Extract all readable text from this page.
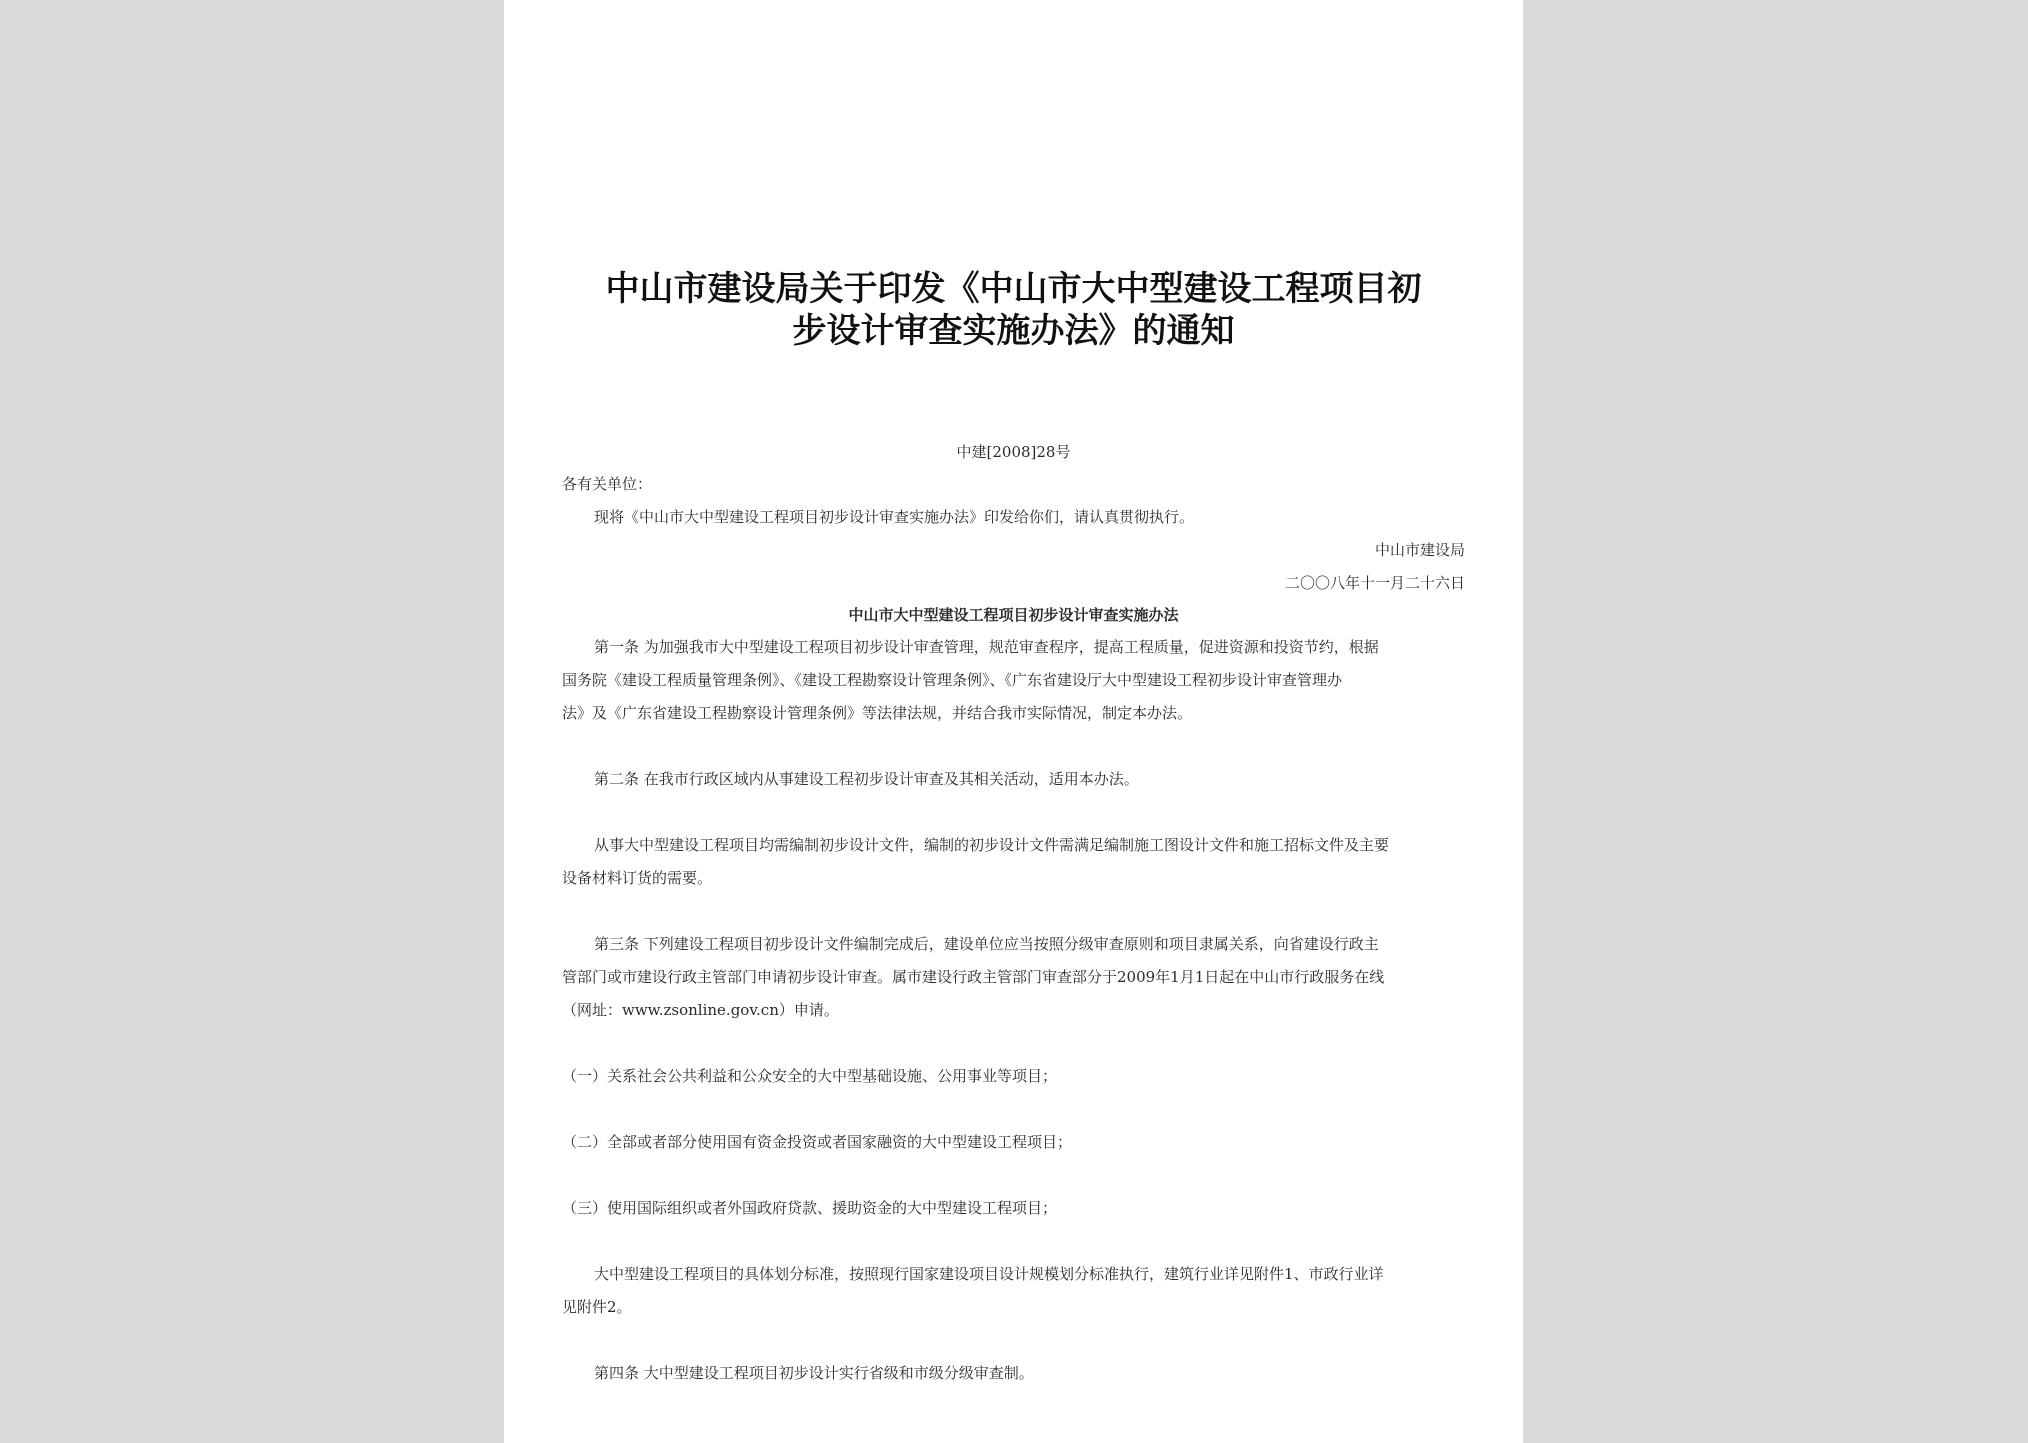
中山市建设局关于印发《中山市大中型建设工程项目初
步设计审查实施办法》的通知

中建[2008]28号

各有关单位：

现将《中山市大中型建设工程项目初步设计审查实施办法》印发给你们，请认真贯彻执行。

中山市建设局

二〇〇八年十一月二十六日

中山市大中型建设工程项目初步设计审查实施办法

第一条 为加强我市大中型建设工程项目初步设计审查管理，规范审查程序，提高工程质量，促进资源和投资节约，根据

国务院《建设工程质量管理条例》、《建设工程勘察设计管理条例》、《广东省建设厅大中型建设工程初步设计审查管理办

法》及《广东省建设工程勘察设计管理条例》等法律法规，并结合我市实际情况，制定本办法。

第二条 在我市行政区域内从事建设工程初步设计审查及其相关活动，适用本办法。

从事大中型建设工程项目均需编制初步设计文件，编制的初步设计文件需满足编制施工图设计文件和施工招标文件及主要

设备材料订货的需要。

第三条 下列建设工程项目初步设计文件编制完成后，建设单位应当按照分级审查原则和项目隶属关系，向省建设行政主

管部门或市建设行政主管部门申请初步设计审查。属市建设行政主管部门审查部分于2009年1月1日起在中山市行政服务在线

（网址：www.zsonline.gov.cn）申请。

（一）关系社会公共利益和公众安全的大中型基础设施、公用事业等项目；

（二）全部或者部分使用国有资金投资或者国家融资的大中型建设工程项目；

（三）使用国际组织或者外国政府贷款、援助资金的大中型建设工程项目；

大中型建设工程项目的具体划分标准，按照现行国家建设项目设计规模划分标准执行，建筑行业详见附件1、市政行业详

见附件2。

第四条 大中型建设工程项目初步设计实行省级和市级分级审查制。
